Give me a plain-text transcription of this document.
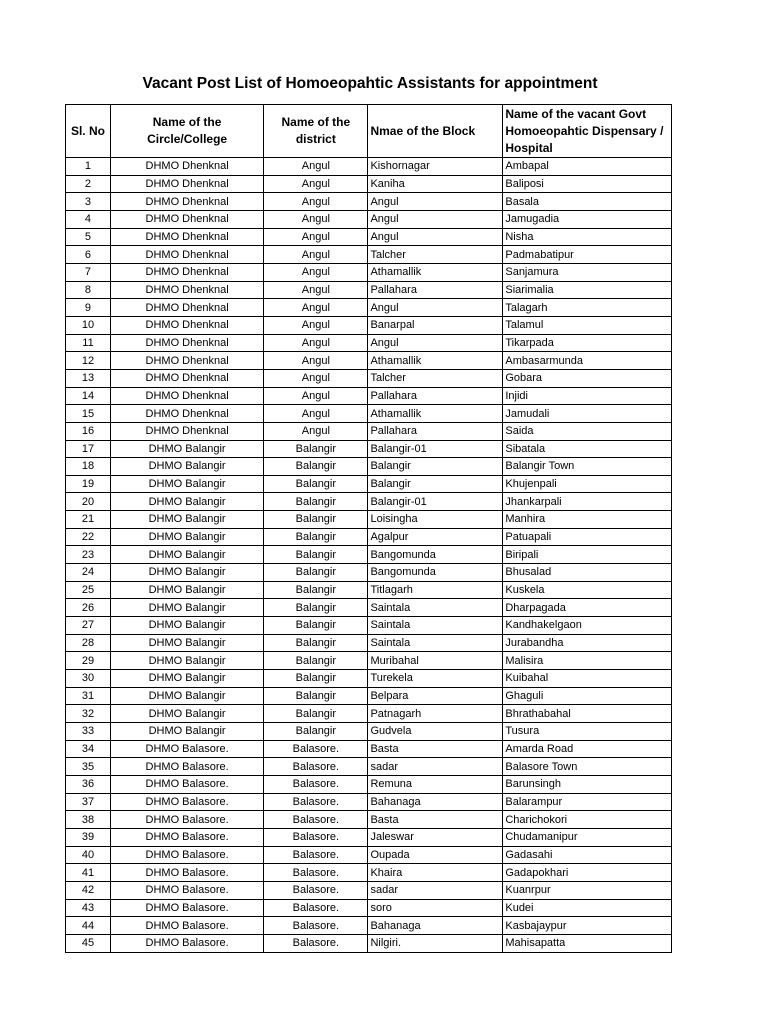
Vacant Post List of Homoeopahtic Assistants for appointment
Sl. No	Name of the Circle/College	Name of the district	Nmae of the Block	Name of the vacant Govt Homoeopahtic Dispensary / Hospital
1	DHMO Dhenknal	Angul	Kishornagar	Ambapal
2	DHMO Dhenknal	Angul	Kaniha	Baliposi
3	DHMO Dhenknal	Angul	Angul	Basala
4	DHMO Dhenknal	Angul	Angul	Jamugadia
5	DHMO Dhenknal	Angul	Angul	Nisha
6	DHMO Dhenknal	Angul	Talcher	Padmabatipur
7	DHMO Dhenknal	Angul	Athamallik	Sanjamura
8	DHMO Dhenknal	Angul	Pallahara	Siarimalia
9	DHMO Dhenknal	Angul	Angul	Talagarh
10	DHMO Dhenknal	Angul	Banarpal	Talamul
11	DHMO Dhenknal	Angul	Angul	Tikarpada
12	DHMO Dhenknal	Angul	Athamallik	Ambasarmunda
13	DHMO Dhenknal	Angul	Talcher	Gobara
14	DHMO Dhenknal	Angul	Pallahara	Injidi
15	DHMO Dhenknal	Angul	Athamallik	Jamudali
16	DHMO Dhenknal	Angul	Pallahara	Saida
17	DHMO Balangir	Balangir	Balangir-01	Sibatala
18	DHMO Balangir	Balangir	Balangir	Balangir Town
19	DHMO Balangir	Balangir	Balangir	Khujenpali
20	DHMO Balangir	Balangir	Balangir-01	Jhankarpali
21	DHMO Balangir	Balangir	Loisingha	Manhira
22	DHMO Balangir	Balangir	Agalpur	Patuapali
23	DHMO Balangir	Balangir	Bangomunda	Biripali
24	DHMO Balangir	Balangir	Bangomunda	Bhusalad
25	DHMO Balangir	Balangir	Titlagarh	Kuskela
26	DHMO Balangir	Balangir	Saintala	Dharpagada
27	DHMO Balangir	Balangir	Saintala	Kandhakelgaon
28	DHMO Balangir	Balangir	Saintala	Jurabandha
29	DHMO Balangir	Balangir	Muribahal	Malisira
30	DHMO Balangir	Balangir	Turekela	Kuibahal
31	DHMO Balangir	Balangir	Belpara	Ghaguli
32	DHMO Balangir	Balangir	Patnagarh	Bhrathabahal
33	DHMO Balangir	Balangir	Gudvela	Tusura
34	DHMO Balasore.	Balasore.	Basta	Amarda Road
35	DHMO Balasore.	Balasore.	sadar	Balasore Town
36	DHMO Balasore.	Balasore.	Remuna	Barunsingh
37	DHMO Balasore.	Balasore.	Bahanaga	Balarampur
38	DHMO Balasore.	Balasore.	Basta	Charichokori
39	DHMO Balasore.	Balasore.	Jaleswar	Chudamanipur
40	DHMO Balasore.	Balasore.	Oupada	Gadasahi
41	DHMO Balasore.	Balasore.	Khaira	Gadapokhari
42	DHMO Balasore.	Balasore.	sadar	Kuanrpur
43	DHMO Balasore.	Balasore.	soro	Kudei
44	DHMO Balasore.	Balasore.	Bahanaga	Kasbajaypur
45	DHMO Balasore.	Balasore.	Nilgiri.	Mahisapatta
